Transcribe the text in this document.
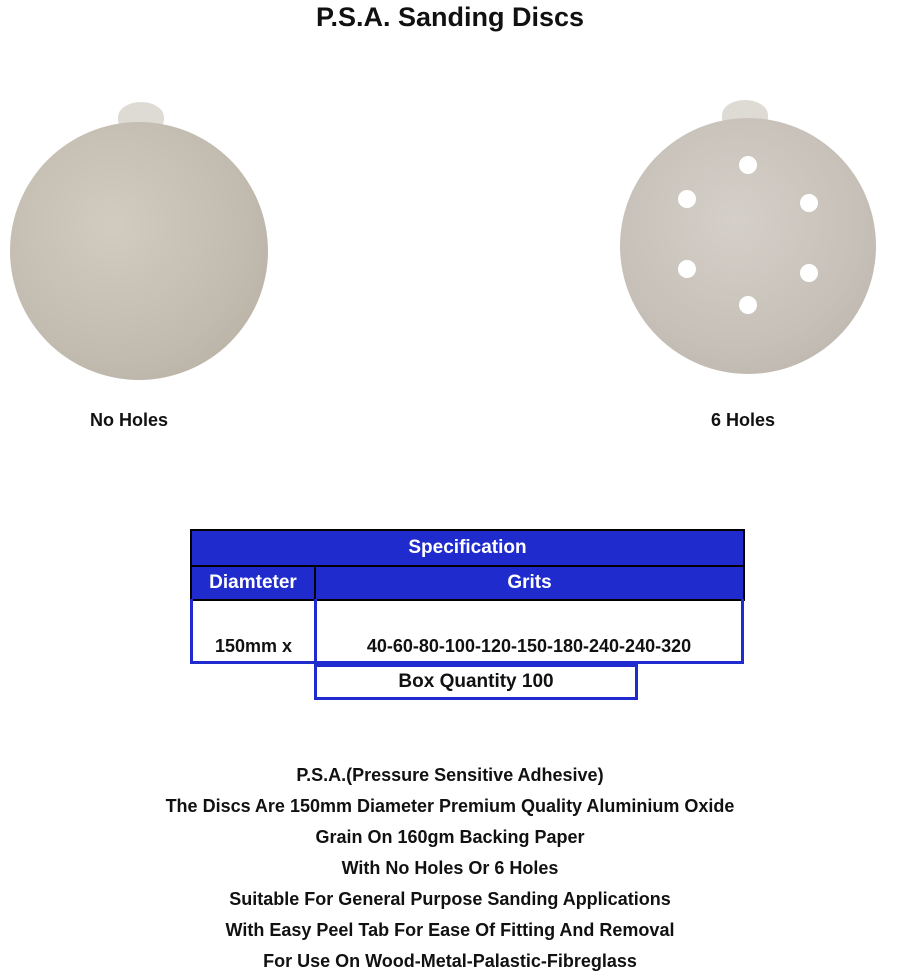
P.S.A. Sanding Discs
No Holes	6 Holes
Specification
Diamteter	Grits
150mm x	40-60-80-100-120-150-180-240-240-320
Box Quantity 100
P.S.A.(Pressure Sensitive Adhesive)
The Discs Are 150mm Diameter Premium Quality Aluminium Oxide
Grain On 160gm Backing Paper
With No Holes Or 6 Holes
Suitable For General Purpose Sanding Applications
With Easy Peel Tab For Ease Of Fitting And Removal
For Use On Wood-Metal-Palastic-Fibreglass
